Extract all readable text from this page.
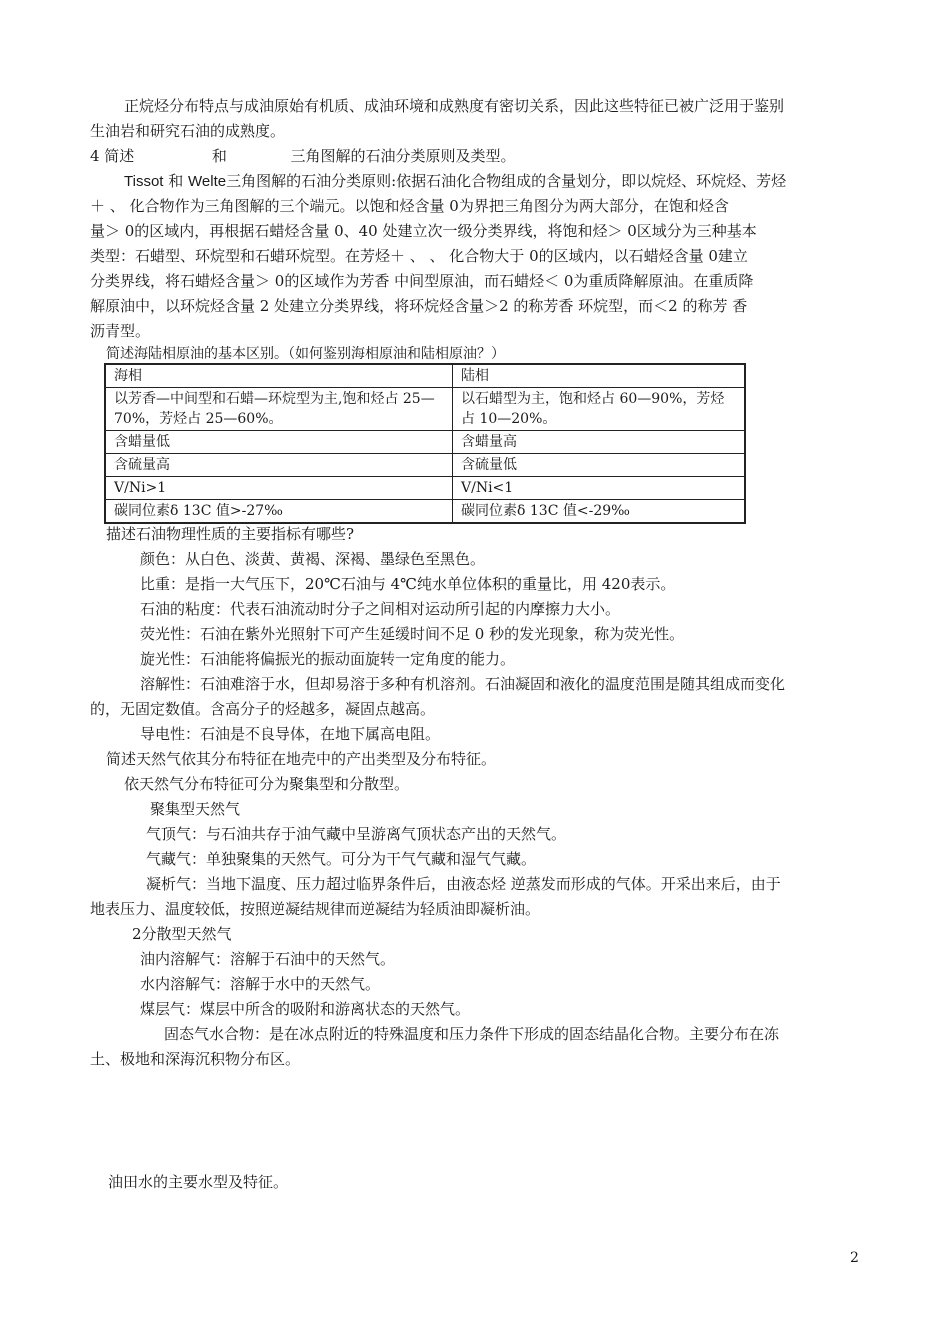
正烷烃分布特点与成油原始有机质、成油环境和成熟度有密切关系，因此这些特征已被广泛用于鉴别
生油岩和研究石油的成熟度。
4 简述	和	三角图解的石油分类原则及类型。
Tissot 和 Welte三角图解的石油分类原则:依据石油化合物组成的含量划分，即以烷烃、环烷烃、芳烃
＋ 、 化合物作为三角图解的三个端元。以饱和烃含量 0为界把三角图分为两大部分，在饱和烃含
量＞ 0的区域内，再根据石蜡烃含量 0、40 处建立次一级分类界线，将饱和烃＞ 0区域分为三种基本
类型：石蜡型、环烷型和石蜡环烷型。在芳烃＋ 、 、 化合物大于 0的区域内，以石蜡烃含量 0建立
分类界线，将石蜡烃含量＞ 0的区域作为芳香 中间型原油，而石蜡烃＜ 0为重质降解原油。在重质降
解原油中，以环烷烃含量 2 处建立分类界线，将环烷烃含量＞2 的称芳香 环烷型，而＜2 的称芳 香
沥青型。
简述海陆相原油的基本区别。（如何鉴别海相原油和陆相原油？）
海相	陆相
以芳香—中间型和石蜡—环烷型为主,饱和烃占 25—70%，芳烃占 25—60%。	以石蜡型为主，饱和烃占 60—90%，芳烃占 10—20%。
含蜡量低	含蜡量高
含硫量高	含硫量低
V/Ni>1	V/Ni<1
碳同位素δ 13C 值>-27‰	碳同位素δ 13C 值<-29‰
描述石油物理性质的主要指标有哪些?
颜色：从白色、淡黄、黄褐、深褐、墨绿色至黑色。
比重：是指一大气压下，20℃石油与 4℃纯水单位体积的重量比，用 420表示。
石油的粘度：代表石油流动时分子之间相对运动所引起的内摩擦力大小。
荧光性：石油在紫外光照射下可产生延缓时间不足 0 秒的发光现象，称为荧光性。
旋光性：石油能将偏振光的振动面旋转一定角度的能力。
溶解性：石油难溶于水，但却易溶于多种有机溶剂。石油凝固和液化的温度范围是随其组成而变化
的，无固定数值。含高分子的烃越多，凝固点越高。
导电性：石油是不良导体，在地下属高电阻。
简述天然气依其分布特征在地壳中的产出类型及分布特征。
依天然气分布特征可分为聚集型和分散型。
聚集型天然气
气顶气：与石油共存于油气藏中呈游离气顶状态产出的天然气。
气藏气：单独聚集的天然气。可分为干气气藏和湿气气藏。
凝析气：当地下温度、压力超过临界条件后，由液态烃 逆蒸发而形成的气体。开采出来后，由于
地表压力、温度较低，按照逆凝结规律而逆凝结为轻质油即凝析油。
2分散型天然气
油内溶解气：溶解于石油中的天然气。
水内溶解气：溶解于水中的天然气。
煤层气：煤层中所含的吸附和游离状态的天然气。
固态气水合物：是在冰点附近的特殊温度和压力条件下形成的固态结晶化合物。主要分布在冻
土、极地和深海沉积物分布区。
油田水的主要水型及特征。
2
